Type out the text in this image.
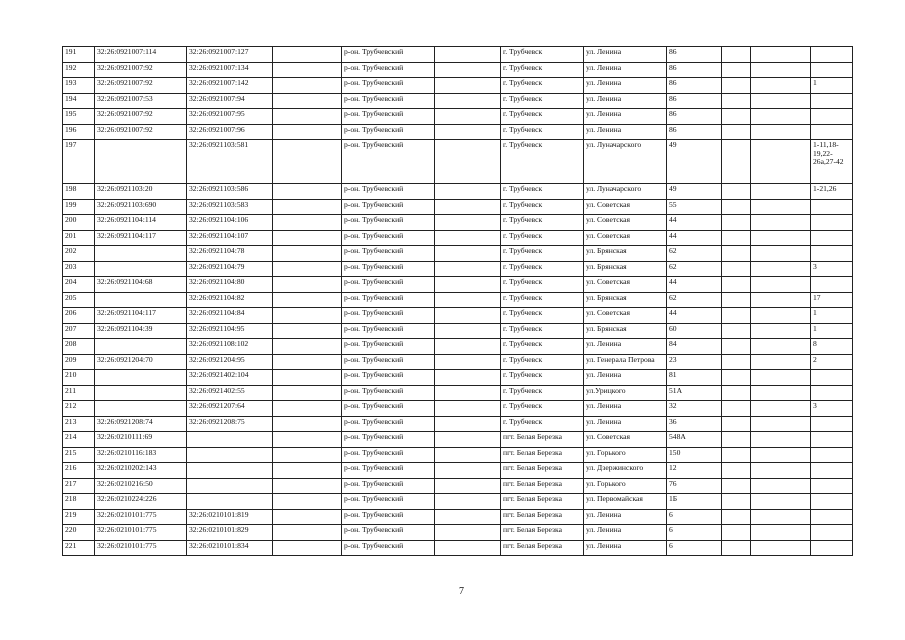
191	32:26:0921007:114	32:26:0921007:127		р-он. Трубчевский		г. Трубчевск	ул. Ленина	86			
192	32:26:0921007:92	32:26:0921007:134		р-он. Трубчевский		г. Трубчевск	ул. Ленина	86			
193	32:26:0921007:92	32:26:0921007:142		р-он. Трубчевский		г. Трубчевск	ул. Ленина	86			1
194	32:26:0921007:53	32:26:0921007:94		р-он. Трубчевский		г. Трубчевск	ул. Ленина	86			
195	32:26:0921007:92	32:26:0921007:95		р-он. Трубчевский		г. Трубчевск	ул. Ленина	86			
196	32:26:0921007:92	32:26:0921007:96		р-он. Трубчевский		г. Трубчевск	ул. Ленина	86			
197		32:26:0921103:581		р-он. Трубчевский		г. Трубчевск	ул. Луначарского	49			1-11,18-19,22-26а,27-42
198	32:26:0921103:20	32:26:0921103:586		р-он. Трубчевский		г. Трубчевск	ул. Луначарского	49			1-21,26
199	32:26:0921103:690	32:26:0921103:583		р-он. Трубчевский		г. Трубчевск	ул. Советская	55			
200	32:26:0921104:114	32:26:0921104:106		р-он. Трубчевский		г. Трубчевск	ул. Советская	44			
201	32:26:0921104:117	32:26:0921104:107		р-он. Трубчевский		г. Трубчевск	ул. Советская	44			
202		32:26:0921104:78		р-он. Трубчевский		г. Трубчевск	ул. Брянская	62			
203		32:26:0921104:79		р-он. Трубчевский		г. Трубчевск	ул. Брянская	62			3
204	32:26:0921104:68	32:26:0921104:80		р-он. Трубчевский		г. Трубчевск	ул. Советская	44			
205		32:26:0921104:82		р-он. Трубчевский		г. Трубчевск	ул. Брянская	62			17
206	32:26:0921104:117	32:26:0921104:84		р-он. Трубчевский		г. Трубчевск	ул. Советская	44			1
207	32:26:0921104:39	32:26:0921104:95		р-он. Трубчевский		г. Трубчевск	ул. Брянская	60			1
208		32:26:0921108:102		р-он. Трубчевский		г. Трубчевск	ул. Ленина	84			8
209	32:26:0921204:70	32:26:0921204:95		р-он. Трубчевский		г. Трубчевск	ул. Генерала Петрова	23			2
210		32:26:0921402:104		р-он. Трубчевский		г. Трубчевск	ул. Ленина	81			
211		32:26:0921402:55		р-он. Трубчевский		г. Трубчевск	ул.Урицкого	51А			
212		32:26:0921207:64		р-он. Трубчевский		г. Трубчевск	ул. Ленина	32			3
213	32:26:0921208:74	32:26:0921208:75		р-он. Трубчевский		г. Трубчевск	ул. Ленина	36			
214	32:26:0210111:69			р-он. Трубчевский		пгт. Белая Березка	ул. Советская	548А			
215	32:26:0210116:183			р-он. Трубчевский		пгт. Белая Березка	ул. Горького	150			
216	32:26:0210202:143			р-он. Трубчевский		пгт. Белая Березка	ул. Дзержинского	12			
217	32:26:0210216:50			р-он. Трубчевский		пгт. Белая Березка	ул. Горького	76			
218	32:26:0210224:226			р-он. Трубчевский		пгт. Белая Березка	ул. Первомайская	1Б			
219	32:26:0210101:775	32:26:0210101:819		р-он. Трубчевский		пгт. Белая Березка	ул. Ленина	6			
220	32:26:0210101:775	32:26:0210101:829		р-он. Трубчевский		пгт. Белая Березка	ул. Ленина	6			
221	32:26:0210101:775	32:26:0210101:834		р-он. Трубчевский		пгт. Белая Березка	ул. Ленина	6			
7
